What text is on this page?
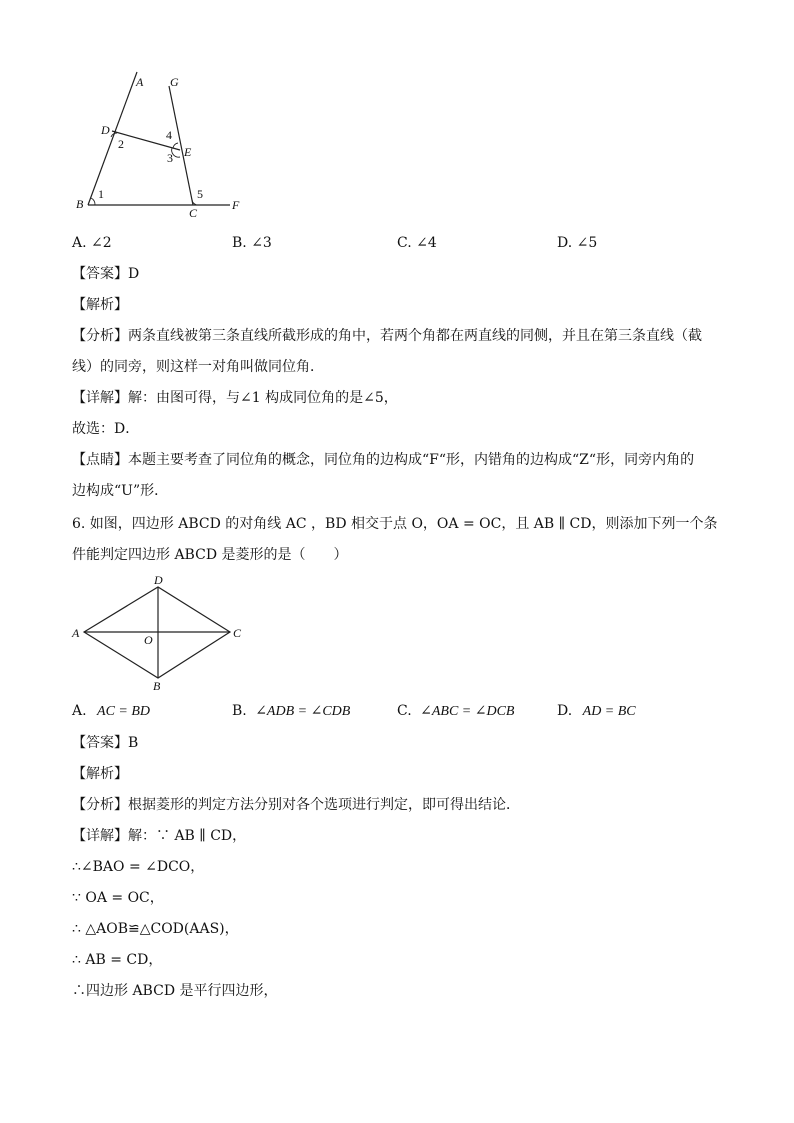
A G
D
E
B
C
F
1
2
3
4
5
A. ∠2	B. ∠3	C. ∠4	D. ∠5
【答案】D
【解析】
【分析】两条直线被第三条直线所截形成的角中，若两个角都在两直线的同侧，并且在第三条直线（截
线）的同旁，则这样一对角叫做同位角．
【详解】解：由图可得，与∠1 构成同位角的是∠5，
故选：D．
【点睛】本题主要考查了同位角的概念，同位角的边构成“F“形，内错角的边构成“Z“形，同旁内角的
边构成“U”形．
6. 如图，四边形 ABCD 的对角线 AC ，BD 相交于点 O，OA = OC，且 AB ∥ CD，则添加下列一个条
件能判定四边形 ABCD 是菱形的是（　　）
A	C
D
B
O
A. AC = BD	B. ∠ADB = ∠CDB	C. ∠ABC = ∠DCB	D. AD = BC
【答案】B
【解析】
【分析】根据菱形的判定方法分别对各个选项进行判定，即可得出结论．
【详解】解：∵ AB ∥ CD，
∴∠BAO = ∠DCO，
∵ OA = OC，
∴ △AOB≌△COD(AAS)，
∴ AB = CD，
∴四边形 ABCD 是平行四边形，
